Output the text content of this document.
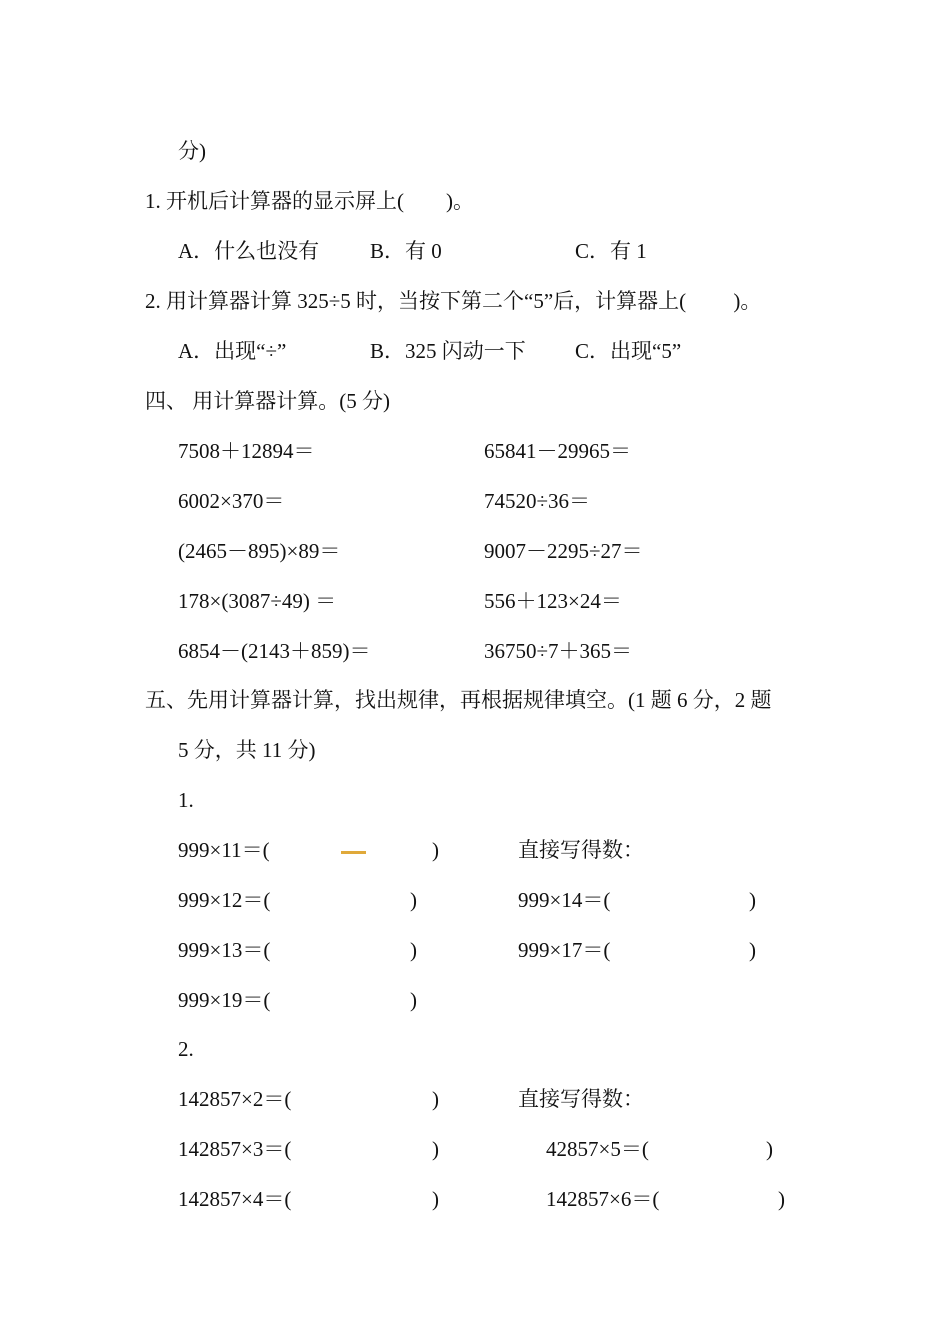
分)
1. 开机后计算器的显示屏上(　　)。
A．什么也没有 B．有 0	C．有 1
2. 用计算器计算 325÷5 时，当按下第二个“5”后，计算器上(　　 )。
A．出现“÷”	B．325 闪动一下 C．出现“5”
四、 用计算器计算。(5 分)
7508＋12894＝	65841－29965＝
6002×370＝	74520÷36＝
(2465－895)×89＝	9007－2295÷27＝
178×(3087÷49) ＝	556＋123×24＝
6854－(2143＋859)＝	36750÷7＋365＝
五、先用计算器计算，找出规律，再根据规律填空。(1 题 6 分，2 题
5 分，共 11 分)
1.
999×11＝(	)	直接写得数：
999×12＝(	)	999×14＝(	)
999×13＝(	)	999×17＝(	)
999×19＝(	)
2.
142857×2＝(	)	直接写得数：
142857×3＝(	)	42857×5＝(	)
142857×4＝(	)	142857×6＝(	)
